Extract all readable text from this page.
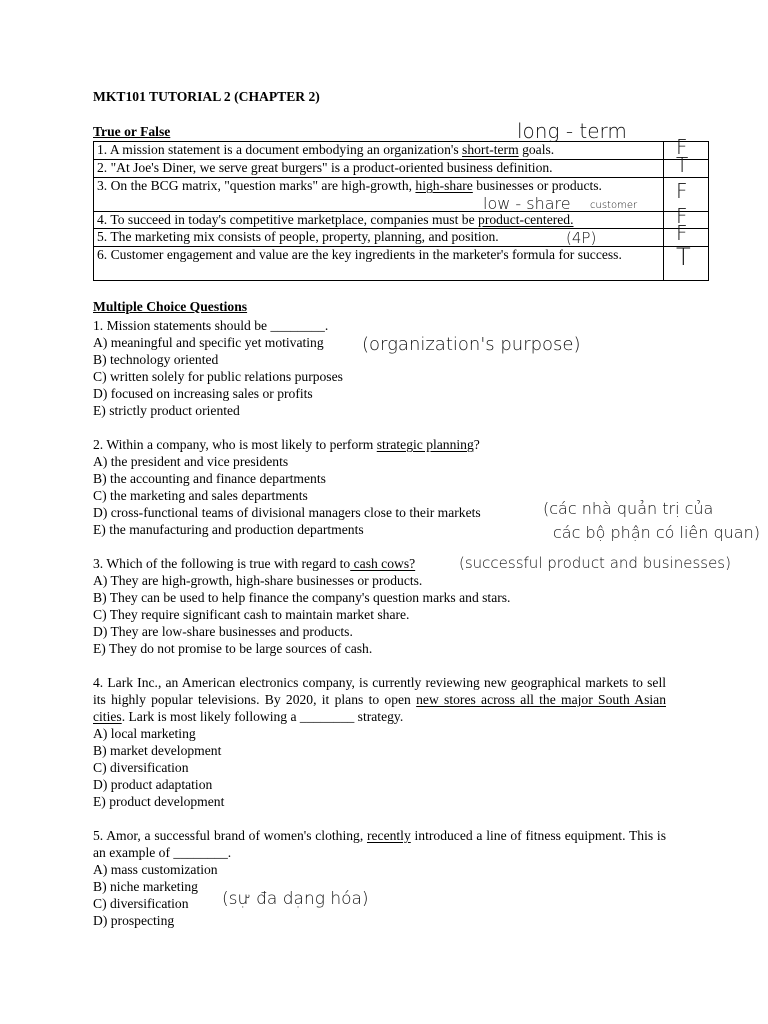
MKT101 TUTORIAL 2 (CHAPTER 2)
True or False
1. A mission statement is a document embodying an organization's short-term goals.	F

2. "At Joe's Diner, we serve great burgers" is a product-oriented business definition.	T

3. On the BCG matrix, "question marks" are high-growth, high-share businesses or products.	F

4. To succeed in today's competitive marketplace, companies must be product-centered.	F

5. The marketing mix consists of people, property, planning, and position.	F

6. Customer engagement and value are the key ingredients in the marketer's formula for success.	T
long - term
low - share customer
(4P)
Multiple Choice Questions
1. Mission statements should be ________.
A) meaningful and specific yet motivating
B) technology oriented
C) written solely for public relations purposes
D) focused on increasing sales or profits
E) strictly product oriented
(organization's purpose)
2. Within a company, who is most likely to perform strategic planning?
A) the president and vice presidents
B) the accounting and finance departments
C) the marketing and sales departments
D) cross-functional teams of divisional managers close to their markets
E) the manufacturing and production departments
(các nhà quản trị của
các bộ phận có liên quan)
3. Which of the following is true with regard to cash cows?	(successful product and businesses)
A) They are high-growth, high-share businesses or products.
B) They can be used to help finance the company's question marks and stars.
C) They require significant cash to maintain market share.
D) They are low-share businesses and products.
E) They do not promise to be large sources of cash.
4. Lark Inc., an American electronics company, is currently reviewing new geographical markets to sell its highly popular televisions. By 2020, it plans to open new stores across all the major South Asian cities. Lark is most likely following a ________ strategy.
A) local marketing
B) market development
C) diversification
D) product adaptation
E) product development
5. Amor, a successful brand of women's clothing, recently introduced a line of fitness equipment. This is an example of ________.
A) mass customization
B) niche marketing
C) diversification
D) prospecting
(sự đa dạng hóa)
